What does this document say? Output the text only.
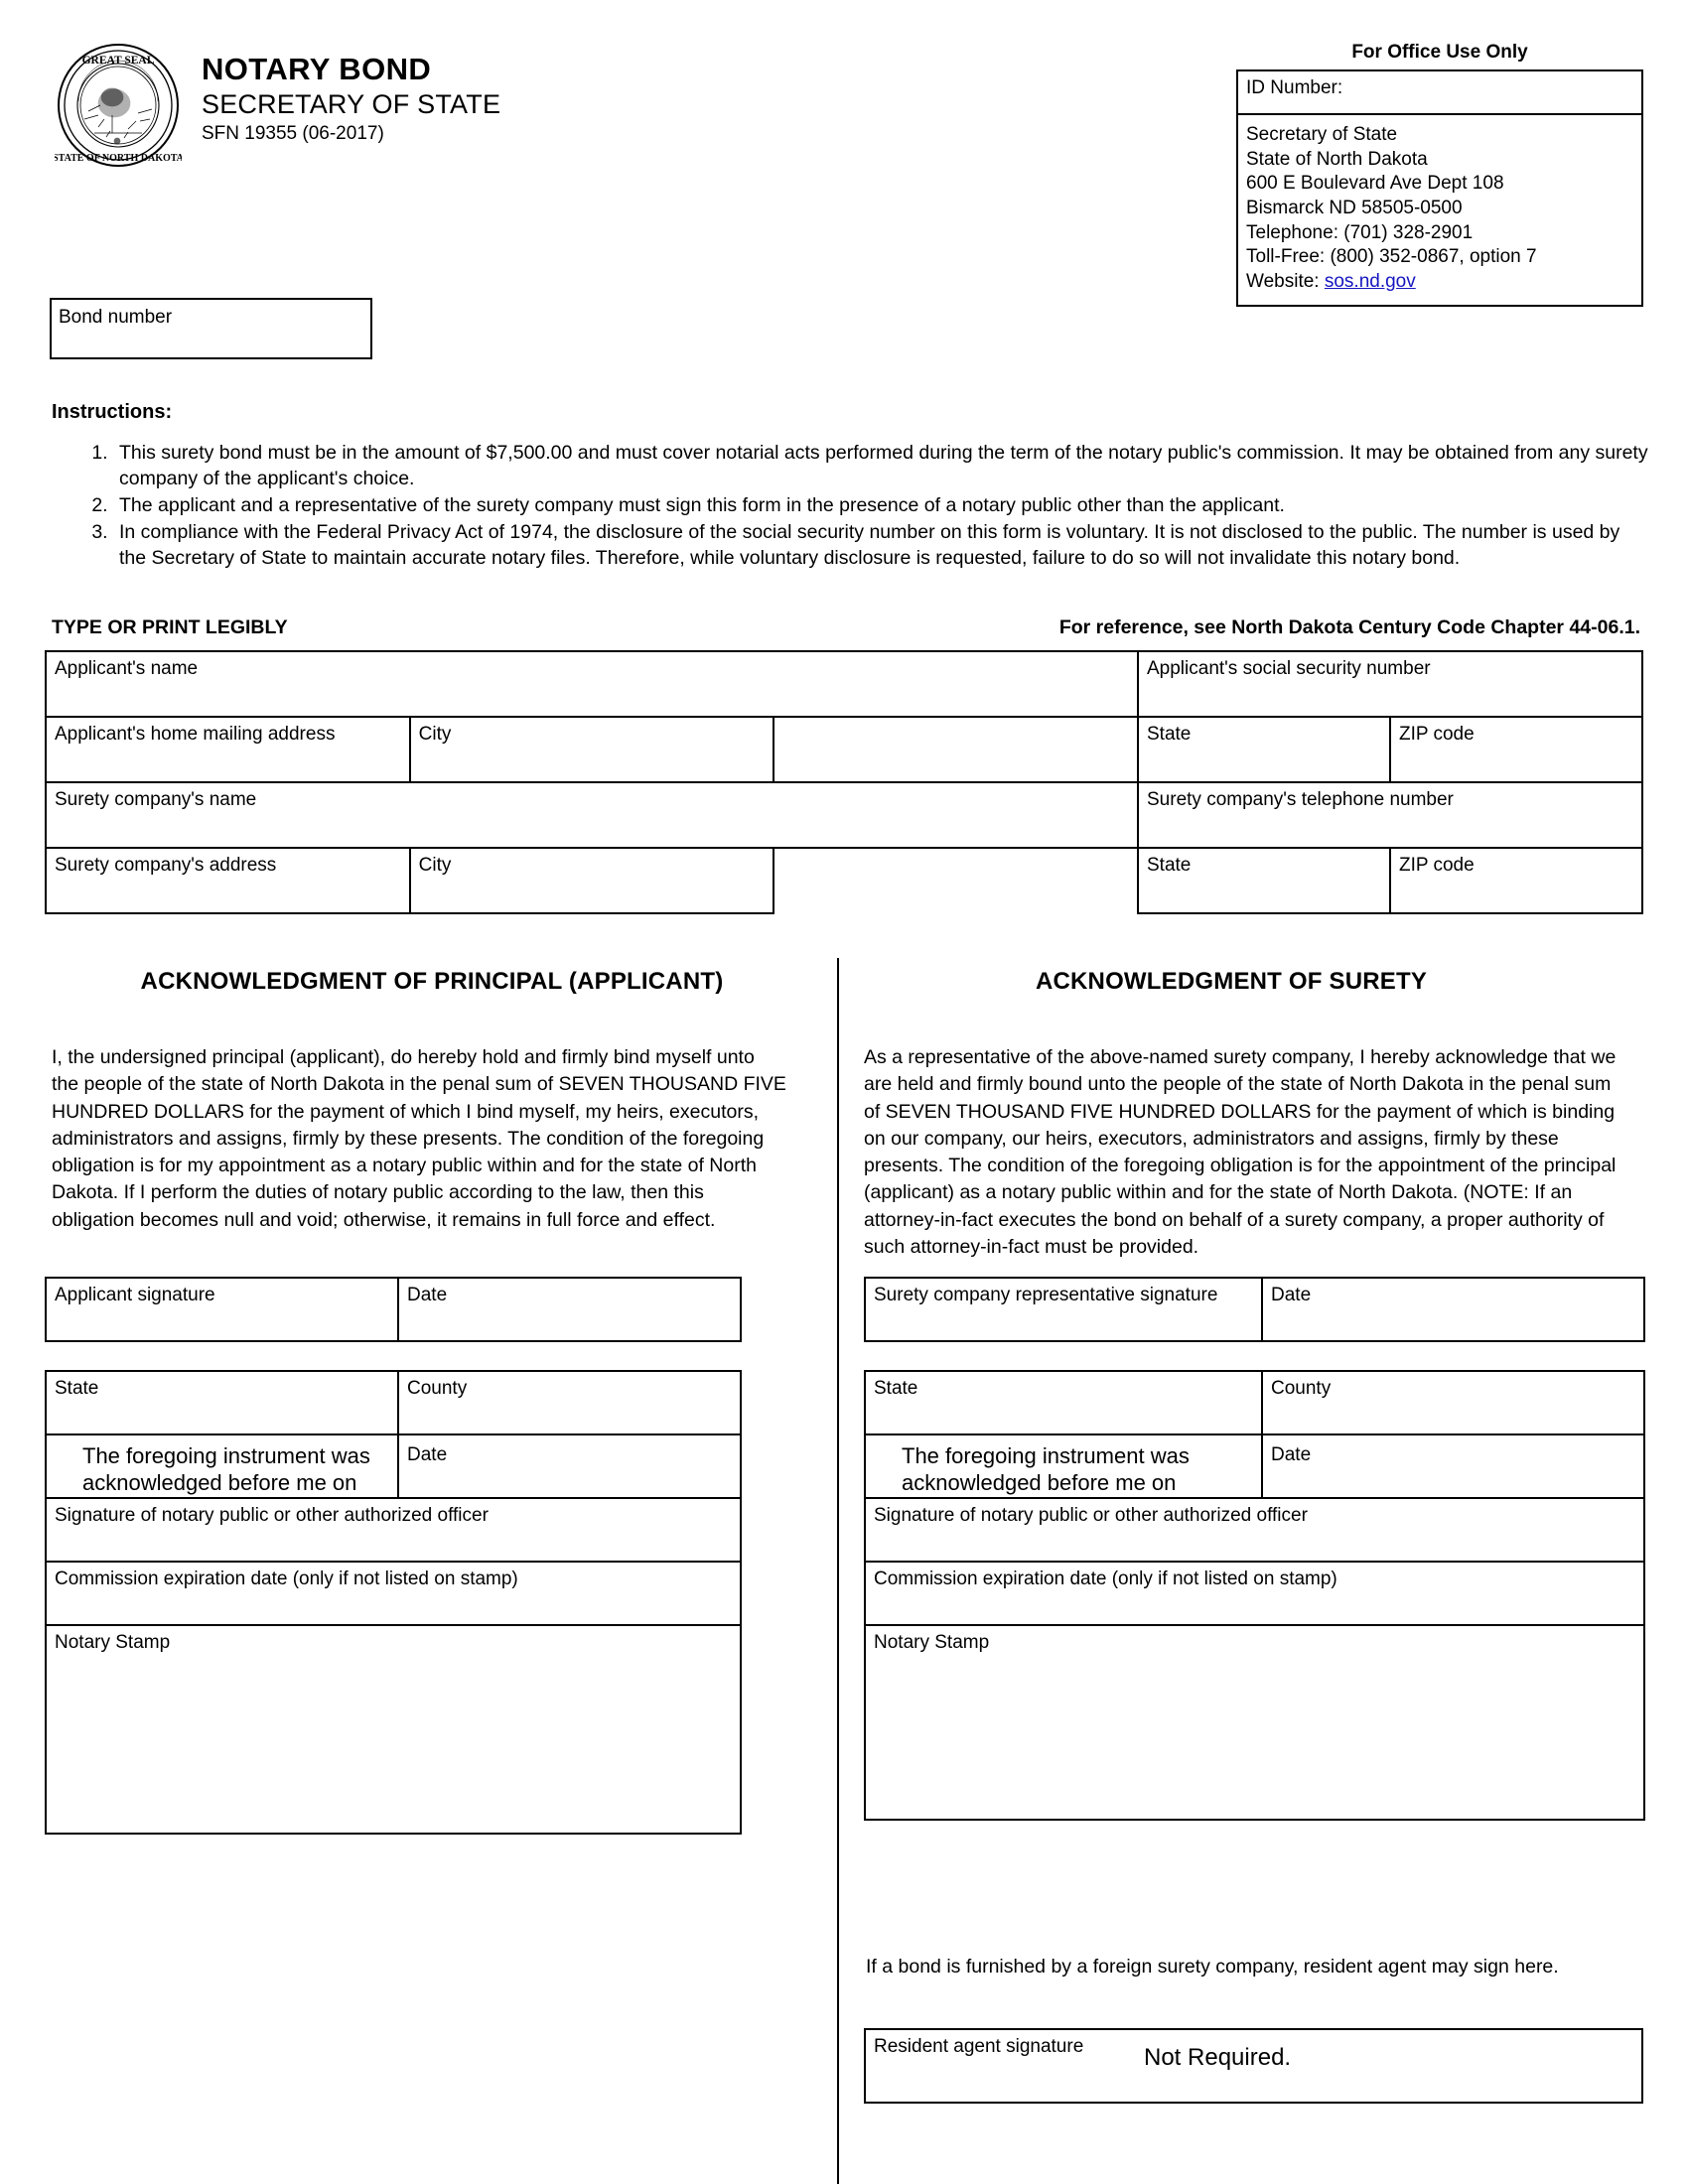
GREAT SEAL
STATE OF NORTH DAKOTA
NOTARY BOND
SECRETARY OF STATE
SFN 19355 (06-2017)
For Office Use Only
ID Number:
Secretary of State
State of North Dakota
600 E Boulevard Ave Dept 108
Bismarck ND 58505-0500
Telephone: (701) 328-2901
Toll-Free: (800) 352-0867, option 7
Website: sos.nd.gov
Bond number
Instructions:
1. This surety bond must be in the amount of $7,500.00 and must cover notarial acts performed during the term of the notary public's commission. It may be obtained from any surety company of the applicant's choice.
2. The applicant and a representative of the surety company must sign this form in the presence of a notary public other than the applicant.
3. In compliance with the Federal Privacy Act of 1974, the disclosure of the social security number on this form is voluntary. It is not disclosed to the public. The number is used by the Secretary of State to maintain accurate notary files. Therefore, while voluntary disclosure is requested, failure to do so will not invalidate this notary bond.
TYPE OR PRINT LEGIBLY	For reference, see North Dakota Century Code Chapter 44-06.1.
Applicant's name			Applicant's social security number	
Applicant's home mailing address	City		State	ZIP code
Surety company's name			Surety company's telephone number	
Surety company's address	City		State	ZIP code
ACKNOWLEDGMENT OF PRINCIPAL (APPLICANT)	ACKNOWLEDGMENT OF SURETY
I, the undersigned principal (applicant), do hereby hold and firmly bind myself unto the people of the state of North Dakota in the penal sum of SEVEN THOUSAND FIVE HUNDRED DOLLARS for the payment of which I bind myself, my heirs, executors, administrators and assigns, firmly by these presents. The condition of the foregoing obligation is for my appointment as a notary public within and for the state of North Dakota. If I perform the duties of notary public according to the law, then this obligation becomes null and void; otherwise, it remains in full force and effect.
As a representative of the above-named surety company, I hereby acknowledge that we are held and firmly bound unto the people of the state of North Dakota in the penal sum of SEVEN THOUSAND FIVE HUNDRED DOLLARS for the payment of which is binding on our company, our heirs, executors, administrators and assigns, firmly by these presents. The condition of the foregoing obligation is for the appointment of the principal (applicant) as a notary public within and for the state of North Dakota. (NOTE: If an attorney-in-fact executes the bond on behalf of a surety company, a proper authority of such attorney-in-fact must be provided.
Applicant signature	Date
State	County
The foregoing instrument was acknowledged before me on	Date
Signature of notary public or other authorized officer	
Commission expiration date (only if not listed on stamp)	
Notary Stamp	
Surety company representative signature	Date
State	County
The foregoing instrument was acknowledged before me on	Date
Signature of notary public or other authorized officer	
Commission expiration date (only if not listed on stamp)	
Notary Stamp	
If a bond is furnished by a foreign surety company, resident agent may sign here.
Resident agent signature	Not Required.
